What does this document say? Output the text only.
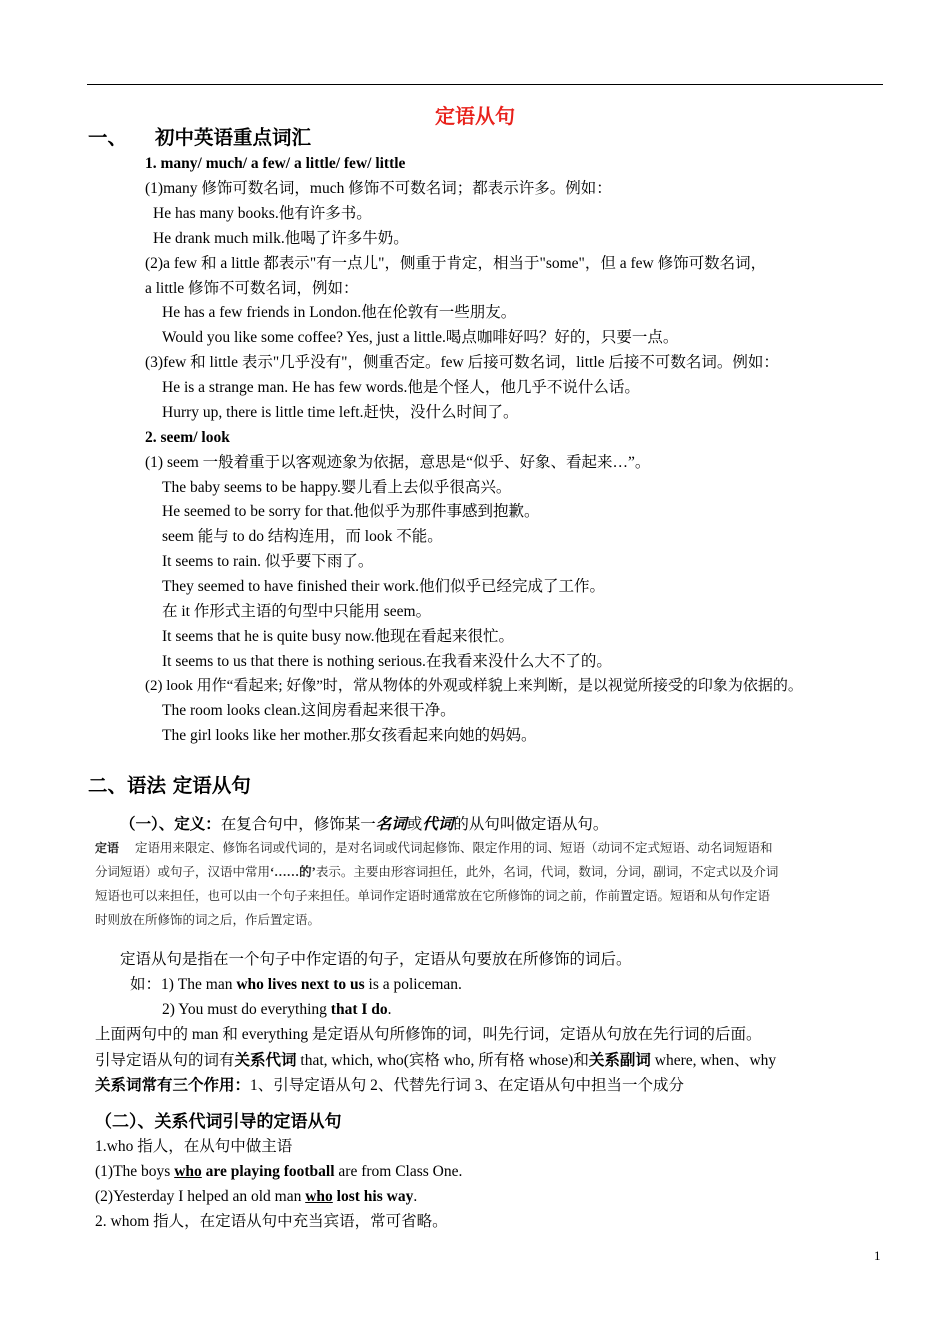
定语从句
一、 初中英语重点词汇
1. many/ much/ a few/ a little/ few/ little
(1)many 修饰可数名词，much 修饰不可数名词；都表示许多。例如：
He has many books.他有许多书。
He drank much milk.他喝了许多牛奶。
(2)a few 和 a little 都表示"有一点儿"，侧重于肯定，相当于"some"，但 a few 修饰可数名词，
a little 修饰不可数名词，例如：
He has a few friends in London.他在伦敦有一些朋友。
Would you like some coffee? Yes, just a little.喝点咖啡好吗？好的，只要一点。
(3)few 和 little 表示"几乎没有"，侧重否定。few 后接可数名词，little 后接不可数名词。例如：
He is a strange man. He has few words.他是个怪人，他几乎不说什么话。
Hurry up, there is little time left.赶快，没什么时间了。
2. seem/ look
(1) seem 一般着重于以客观迹象为依据，意思是“似乎、好象、看起来…”。
The baby seems to be happy.婴儿看上去似乎很高兴。
He seemed to be sorry for that.他似乎为那件事感到抱歉。
seem 能与 to do 结构连用，而 look 不能。
It seems to rain. 似乎要下雨了。
They seemed to have finished their work.他们似乎已经完成了工作。
在 it 作形式主语的句型中只能用 seem。
It seems that he is quite busy now.他现在看起来很忙。
It seems to us that there is nothing serious.在我看来没什么大不了的。
(2) look 用作“看起来; 好像”时，常从物体的外观或样貌上来判断，是以视觉所接受的印象为依据的。
The room looks clean.这间房看起来很干净。
The girl looks like her mother.那女孩看起来向她的妈妈。
二、语法 定语从句
（一）、定义：在复合句中，修饰某一名词或代词的从句叫做定语从句。
定语 定语用来限定、修饰名词或代词的，是对名词或代词起修饰、限定作用的词、短语（动词不定式短语、动名词短语和
分词短语）或句子，汉语中常用‘……的’表示。主要由形容词担任，此外，名词，代词，数词，分词，副词，不定式以及介词
短语也可以来担任，也可以由一个句子来担任。单词作定语时通常放在它所修饰的词之前，作前置定语。短语和从句作定语
时则放在所修饰的词之后，作后置定语。
定语从句是指在一个句子中作定语的句子，定语从句要放在所修饰的词后。
如：1) The man who lives next to us is a policeman.
2) You must do everything that I do.
上面两句中的 man 和 everything 是定语从句所修饰的词，叫先行词，定语从句放在先行词的后面。
引导定语从句的词有关系代词 that, which, who(宾格 who, 所有格 whose)和关系副词 where, when、why
关系词常有三个作用：1、引导定语从句 2、代替先行词 3、在定语从句中担当一个成分
（二）、关系代词引导的定语从句
1.who 指人，在从句中做主语
(1)The boys who are playing football are from Class One.
(2)Yesterday I helped an old man who lost his way.
2. whom 指人，在定语从句中充当宾语，常可省略。
1
